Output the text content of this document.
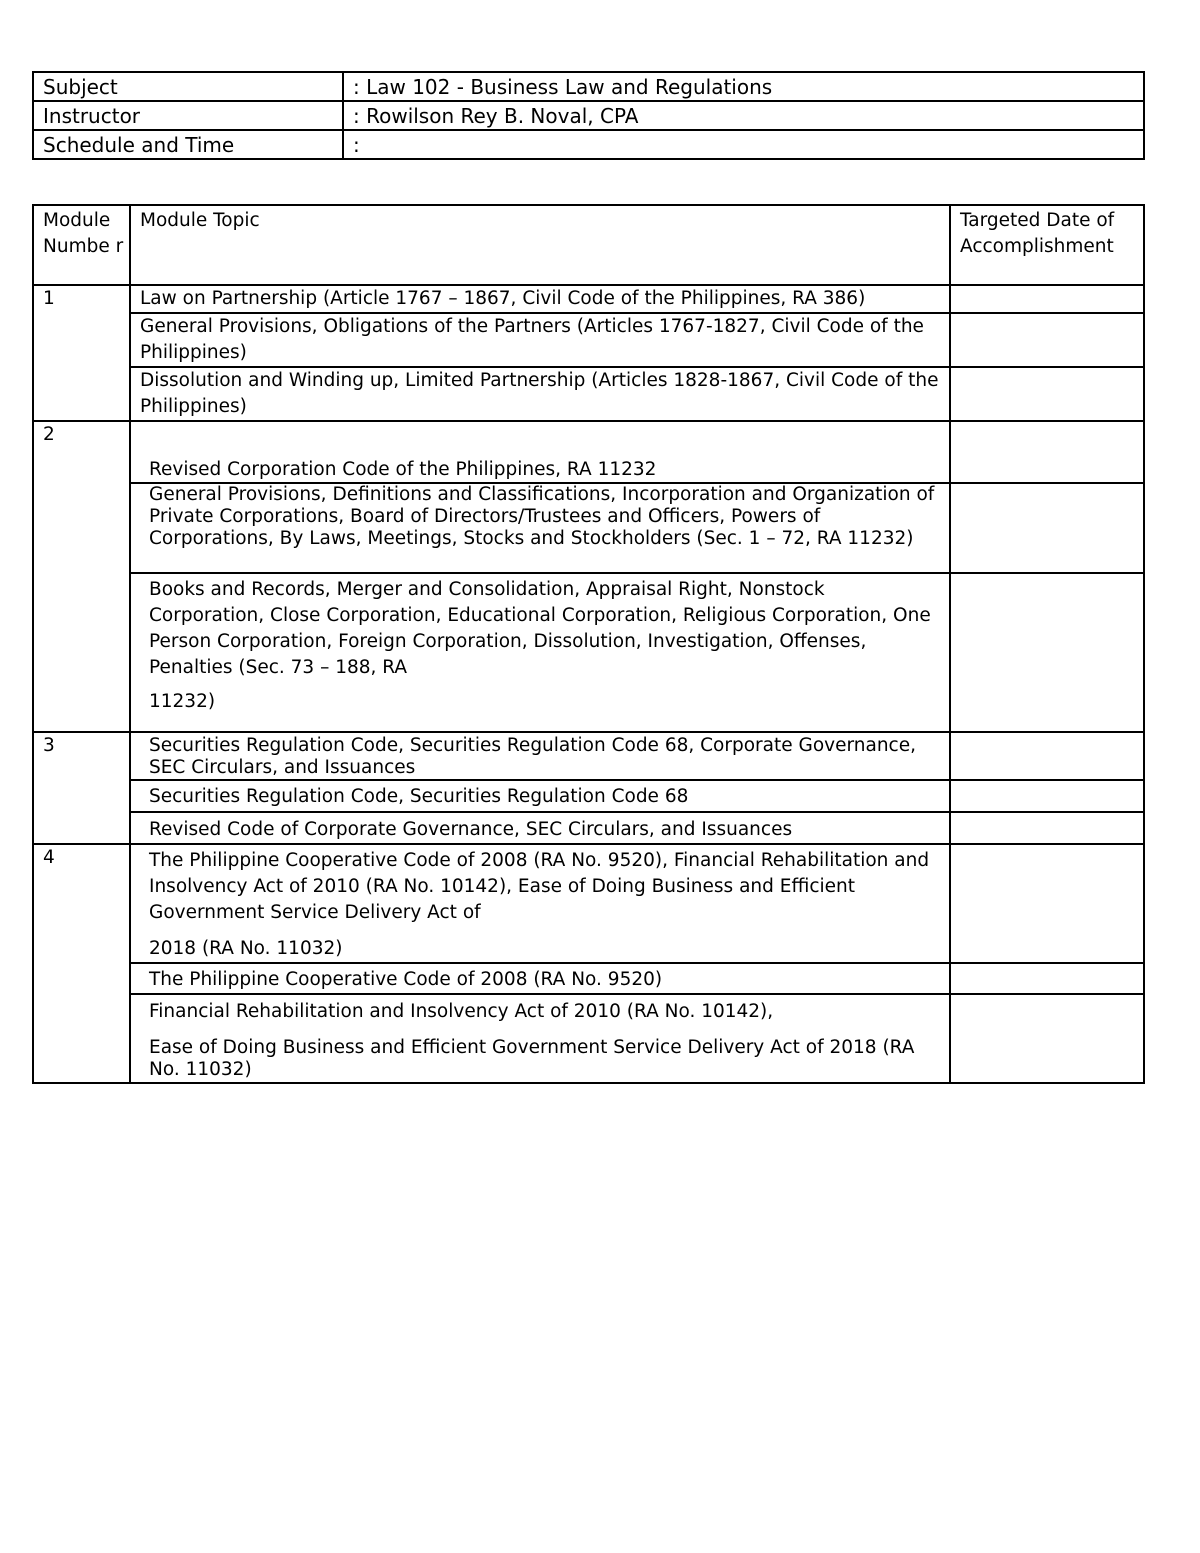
Subject	: Law 102 - Business Law and Regulations
Instructor	: Rowilson Rey B. Noval, CPA
Schedule and Time	:
Module Numbe r	Module Topic	Targeted Date of Accomplishment
1	Law on Partnership (Article 1767 – 1867, Civil Code of the Philippines, RA 386)	
	General Provisions, Obligations of the Partners (Articles 1767-1827, Civil Code of the Philippines)	
	Dissolution and Winding up, Limited Partnership (Articles 1828-1867, Civil Code of the Philippines)	
2	Revised Corporation Code of the Philippines, RA 11232	
	General Provisions, Definitions and Classifications, Incorporation and Organization of Private Corporations, Board of Directors/Trustees and Officers, Powers of Corporations, By Laws, Meetings, Stocks and Stockholders (Sec. 1 – 72, RA 11232)	

	Books and Records, Merger and Consolidation, Appraisal Right, Nonstock Corporation, Close Corporation, Educational Corporation, Religious Corporation, One Person Corporation, Foreign Corporation, Dissolution, Investigation, Offenses, Penalties (Sec. 73 – 188, RA
11232)	

3	Securities Regulation Code, Securities Regulation Code 68, Corporate Governance, SEC Circulars, and Issuances	
	Securities Regulation Code, Securities Regulation Code 68	
	Revised Code of Corporate Governance, SEC Circulars, and Issuances	
4	The Philippine Cooperative Code of 2008 (RA No. 9520), Financial Rehabilitation and Insolvency Act of 2010 (RA No. 10142), Ease of Doing Business and Efficient Government Service Delivery Act of
2018 (RA No. 11032)	

	The Philippine Cooperative Code of 2008 (RA No. 9520)	

	Financial Rehabilitation and Insolvency Act of 2010 (RA No. 10142),
Ease of Doing Business and Efficient Government Service Delivery Act of 2018 (RA No. 11032)	
